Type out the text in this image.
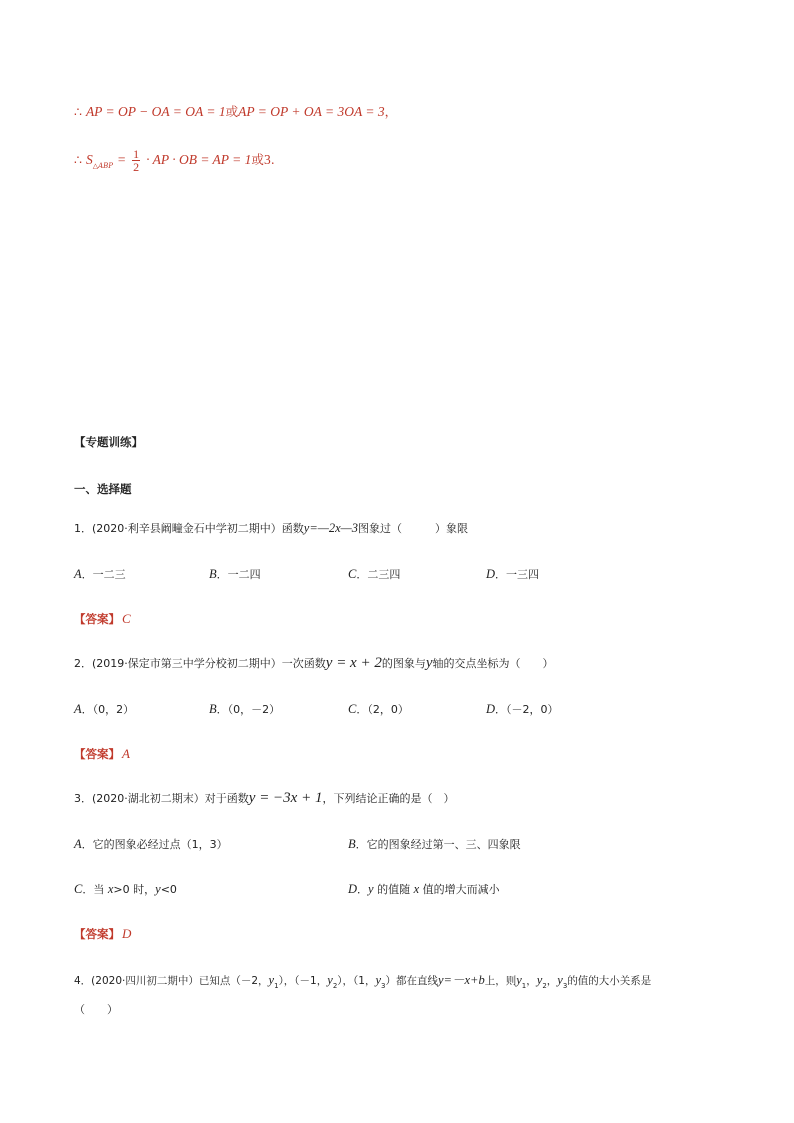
∴ AP = OP − OA = OA = 1或AP = OP + OA = 3OA = 3，
∴ $S_{\triangle ABP} = \frac{1}{2}$ · AP · OB = AP = 1或3.
【专题训练】
一、选择题
1．(2020·利辛县阚疃金石中学初二期中）函数y=—2x—3图象过（　　　）象限
A．一二三	B．一二四	C．二三四	D．一三四
【答案】 C
2．(2019·保定市第三中学分校初二期中）一次函数y = x + 2的图象与y轴的交点坐标为（　　）
A．（0，2）	B．（0，－2）	C．（2，0）	D．（－2，0）
【答案】 A
3．(2020·湖北初二期末）对于函数y = −3x + 1，下列结论正确的是（　）
A．它的图象必经过点（1，3）	B．它的图象经过第一、三、四象限
C．当 x>0 时，y<0	D．y 的值随 x 值的增大而减小
【答案】 D
4．(2020·四川初二期中）已知点（－2，$y_1$），（－1，$y_2$），（1，$y_3$）都在直线y=－x+b上，则$y_1$，$y_2$，$y_3$的值的大小关系是
（　　）
